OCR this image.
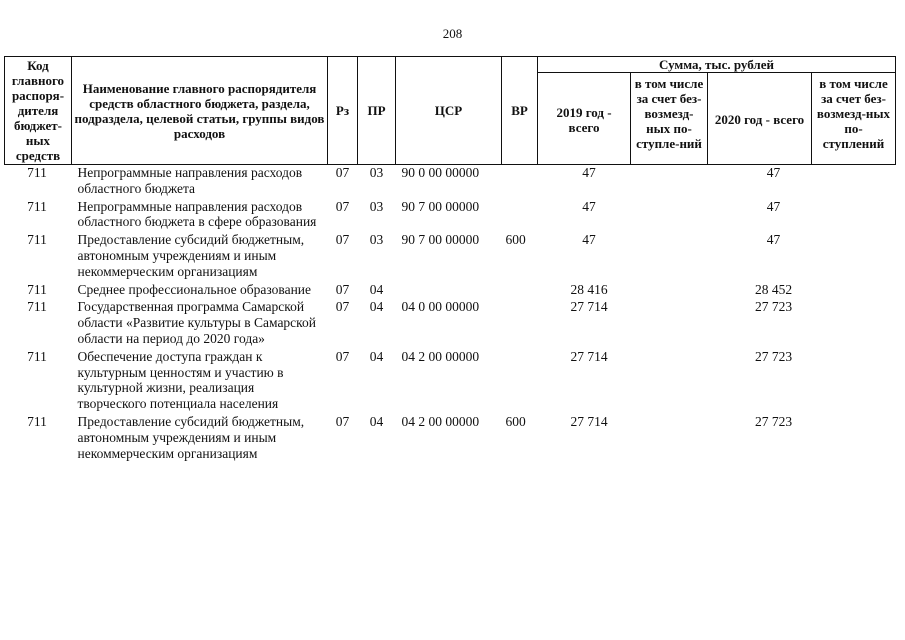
208
Код главного распоря-дителя бюджет-ных средств	Наименование главного распорядителя средств областного бюджета, раздела, подраздела, целевой статьи, группы видов расходов	Рз	ПР	ЦСР	ВР	Сумма, тыс. рублей			
						2019 год - всего	в том числе за счет без-возмезд-ных по-ступле-ний	2020 год - всего	в том числе за счет без-возмезд-ных по-ступлений
711	Непрограммные направления расходов областного бюджета	07	03	90 0 00 00000		47		47	
711	Непрограммные направления расходов областного бюджета в сфере образования	07	03	90 7 00 00000		47		47	
711	Предоставление субсидий бюджетным, автономным учреждениям и иным некоммерческим организациям	07	03	90 7 00 00000	600	47		47	
711	Среднее профессиональное образование	07	04			28 416		28 452	
711	Государственная программа Самарской области «Развитие культуры в Самарской области на период до 2020 года»	07	04	04 0 00 00000		27 714		27 723	
711	Обеспечение доступа граждан к культурным ценностям и участию в культурной жизни, реализация творческого потенциала населения	07	04	04 2 00 00000		27 714		27 723	
711	Предоставление субсидий бюджетным, автономным учреждениям и иным некоммерческим организациям	07	04	04 2 00 00000	600	27 714		27 723	
